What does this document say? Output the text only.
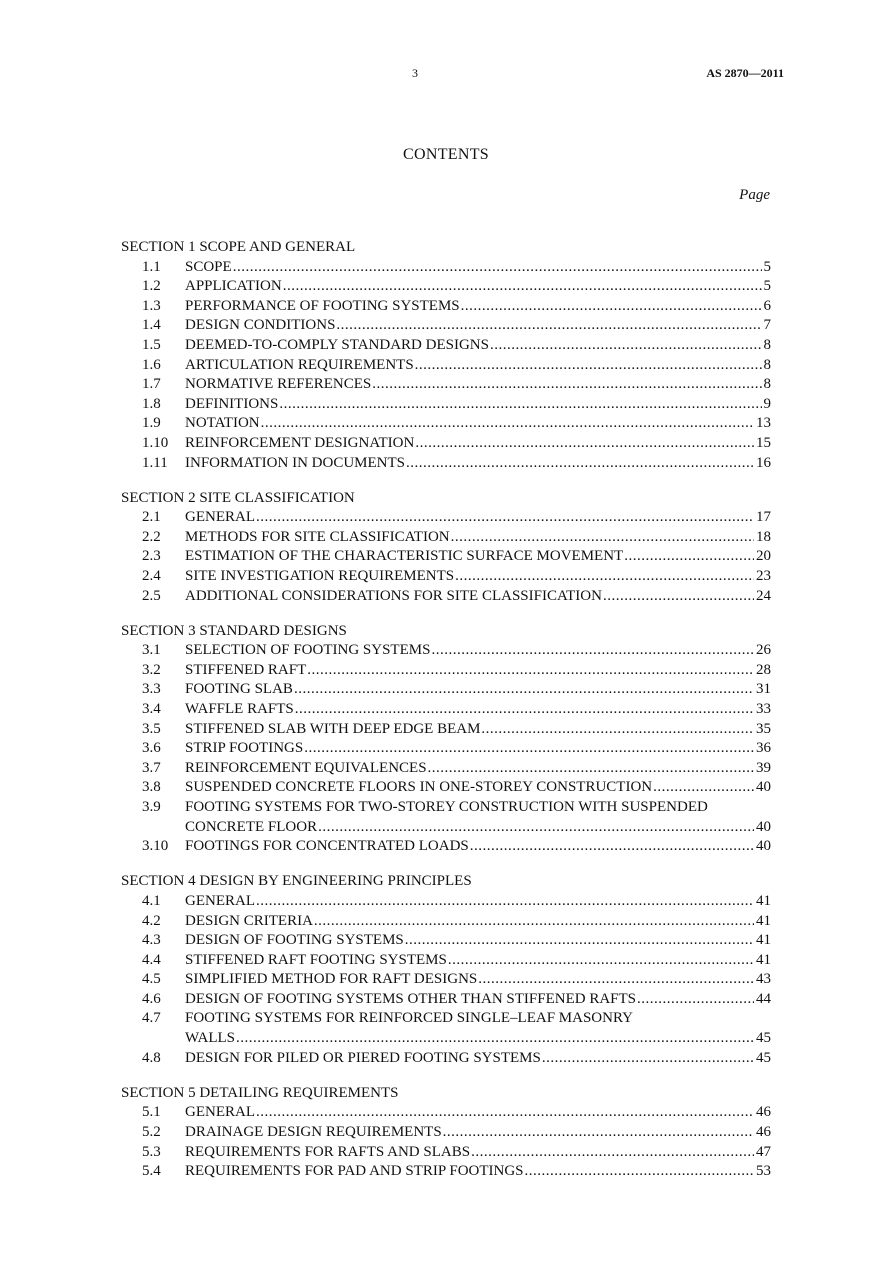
3	AS 2870—2011
CONTENTS
Page
SECTION 1 SCOPE AND GENERAL
1.1 SCOPE .....	5
1.2 APPLICATION .....	5
1.3 PERFORMANCE OF FOOTING SYSTEMS .....	6
1.4 DESIGN CONDITIONS .....	7
1.5 DEEMED-TO-COMPLY STANDARD DESIGNS .....	8
1.6 ARTICULATION REQUIREMENTS .....	8
1.7 NORMATIVE REFERENCES .....	8
1.8 DEFINITIONS .....	9
1.9 NOTATION .....	13
1.10 REINFORCEMENT DESIGNATION .....	15
1.11 INFORMATION IN DOCUMENTS .....	16
SECTION 2 SITE CLASSIFICATION
2.1 GENERAL .....	17
2.2 METHODS FOR SITE CLASSIFICATION .....	18
2.3 ESTIMATION OF THE CHARACTERISTIC SURFACE MOVEMENT .....	20
2.4 SITE INVESTIGATION REQUIREMENTS .....	23
2.5 ADDITIONAL CONSIDERATIONS FOR SITE CLASSIFICATION .....	24
SECTION 3 STANDARD DESIGNS
3.1 SELECTION OF FOOTING SYSTEMS .....	26
3.2 STIFFENED RAFT .....	28
3.3 FOOTING SLAB .....	31
3.4 WAFFLE RAFTS .....	33
3.5 STIFFENED SLAB WITH DEEP EDGE BEAM .....	35
3.6 STRIP FOOTINGS .....	36
3.7 REINFORCEMENT EQUIVALENCES .....	39
3.8 SUSPENDED CONCRETE FLOORS IN ONE-STOREY CONSTRUCTION .....	40
3.9 FOOTING SYSTEMS FOR TWO-STOREY CONSTRUCTION WITH SUSPENDED
CONCRETE FLOOR .....	40
3.10 FOOTINGS FOR CONCENTRATED LOADS .....	40
SECTION 4 DESIGN BY ENGINEERING PRINCIPLES
4.1 GENERAL .....	41
4.2 DESIGN CRITERIA .....	41
4.3 DESIGN OF FOOTING SYSTEMS .....	41
4.4 STIFFENED RAFT FOOTING SYSTEMS .....	41
4.5 SIMPLIFIED METHOD FOR RAFT DESIGNS .....	43
4.6 DESIGN OF FOOTING SYSTEMS OTHER THAN STIFFENED RAFTS .....	44
4.7 FOOTING SYSTEMS FOR REINFORCED SINGLE–LEAF MASONRY
WALLS .....	45
4.8 DESIGN FOR PILED OR PIERED FOOTING SYSTEMS .....	45
SECTION 5 DETAILING REQUIREMENTS
5.1 GENERAL .....	46
5.2 DRAINAGE DESIGN REQUIREMENTS .....	46
5.3 REQUIREMENTS FOR RAFTS AND SLABS .....	47
5.4 REQUIREMENTS FOR PAD AND STRIP FOOTINGS .....	53
